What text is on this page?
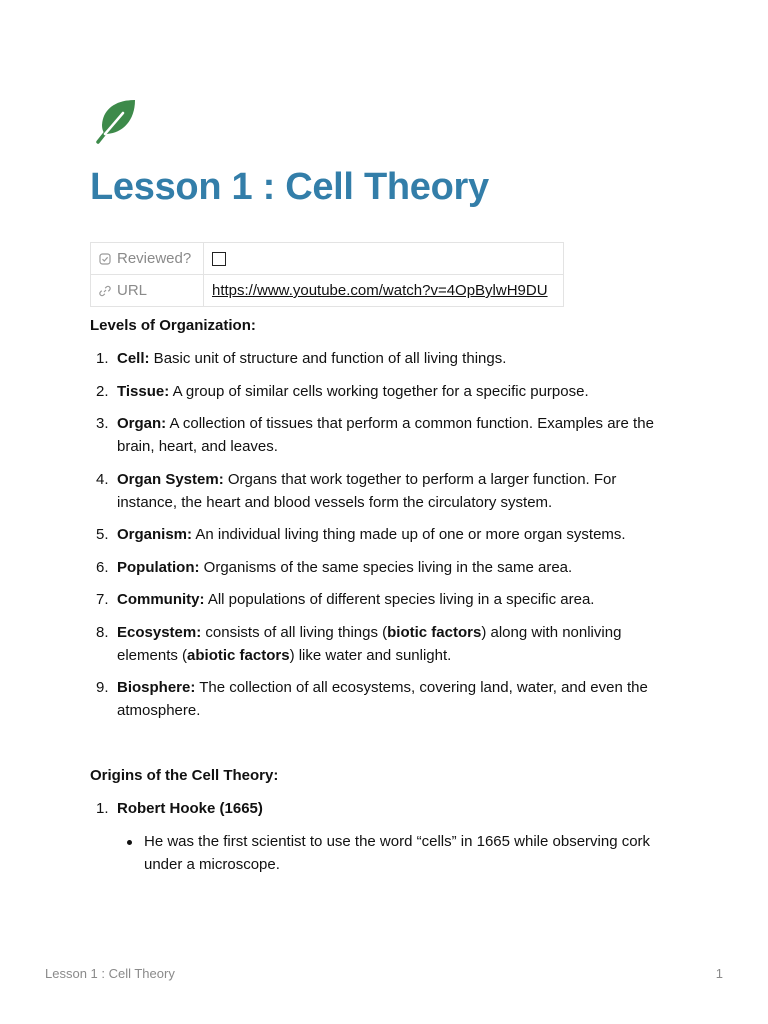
Lesson 1 : Cell Theory
Reviewed?	

URL	https://www.youtube.com/watch?v=4OpBylwH9DU

Levels of Organization:

1. Cell: Basic unit of structure and function of all living things.
2. Tissue: A group of similar cells working together for a specific purpose.
3. Organ: A collection of tissues that perform a common function. Examples are the brain, heart, and leaves.
4. Organ System: Organs that work together to perform a larger function. For instance, the heart and blood vessels form the circulatory system.
5. Organism: An individual living thing made up of one or more organ systems.
6. Population: Organisms of the same species living in the same area.
7. Community: All populations of different species living in a specific area.
8. Ecosystem: consists of all living things (biotic factors) along with nonliving elements (abiotic factors) like water and sunlight.
9. Biosphere: The collection of all ecosystems, covering land, water, and even the atmosphere.

Origins of the Cell Theory:

1. Robert Hooke (1665)
He was the first scientist to use the word “cells” in 1665 while observing cork under a microscope.
Lesson 1 : Cell Theory	1
